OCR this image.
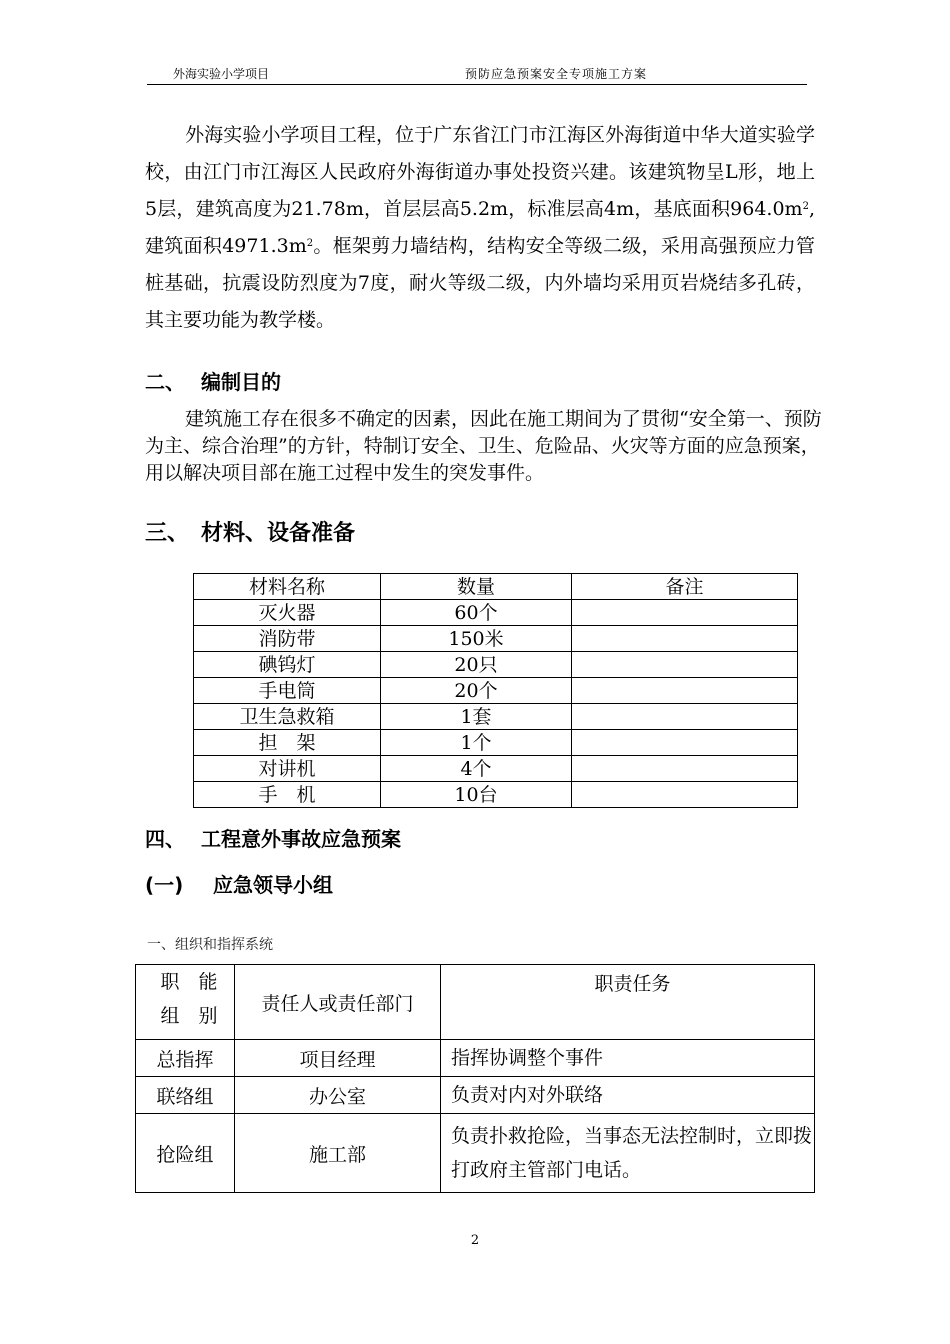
外海实验小学项目	预防应急预案安全专项施工方案

外海实验小学项目工程，位于广东省江门市江海区外海街道中华大道实验学校，由江门市江海区人民政府外海街道办事处投资兴建。该建筑物呈L形，地上5层，建筑高度为21.78m，首层层高5.2m，标准层高4m，基底面积$964.0m^2$,建筑面积$4971.3m^2$。框架剪力墙结构，结构安全等级二级，采用高强预应力管桩基础，抗震设防烈度为7度，耐火等级二级，内外墙均采用页岩烧结多孔砖，其主要功能为教学楼。

二、 编制目的

建筑施工存在很多不确定的因素，因此在施工期间为了贯彻“安全第一、预防为主、综合治理”的方针，特制订安全、卫生、危险品、火灾等方面的应急预案，用以解决项目部在施工过程中发生的突发事件。

三、 材料、设备准备
材料名称	数量	备注
灭火器	60个	
消防带	150米	
碘钨灯	20只	
手电筒	20个	
卫生急救箱	1套	
担　架	1个	
对讲机	4个	
手　机	10台	
四、 工程意外事故应急预案
(一) 应急领导小组
一、组织和指挥系统
职　能
组　别	责任人或责任部门	职责任务
总指挥	项目经理	指挥协调整个事件
联络组	办公室	负责对内对外联络
抢险组	施工部	负责扑救抢险，当事态无法控制时，立即拨打政府主管部门电话。
2
